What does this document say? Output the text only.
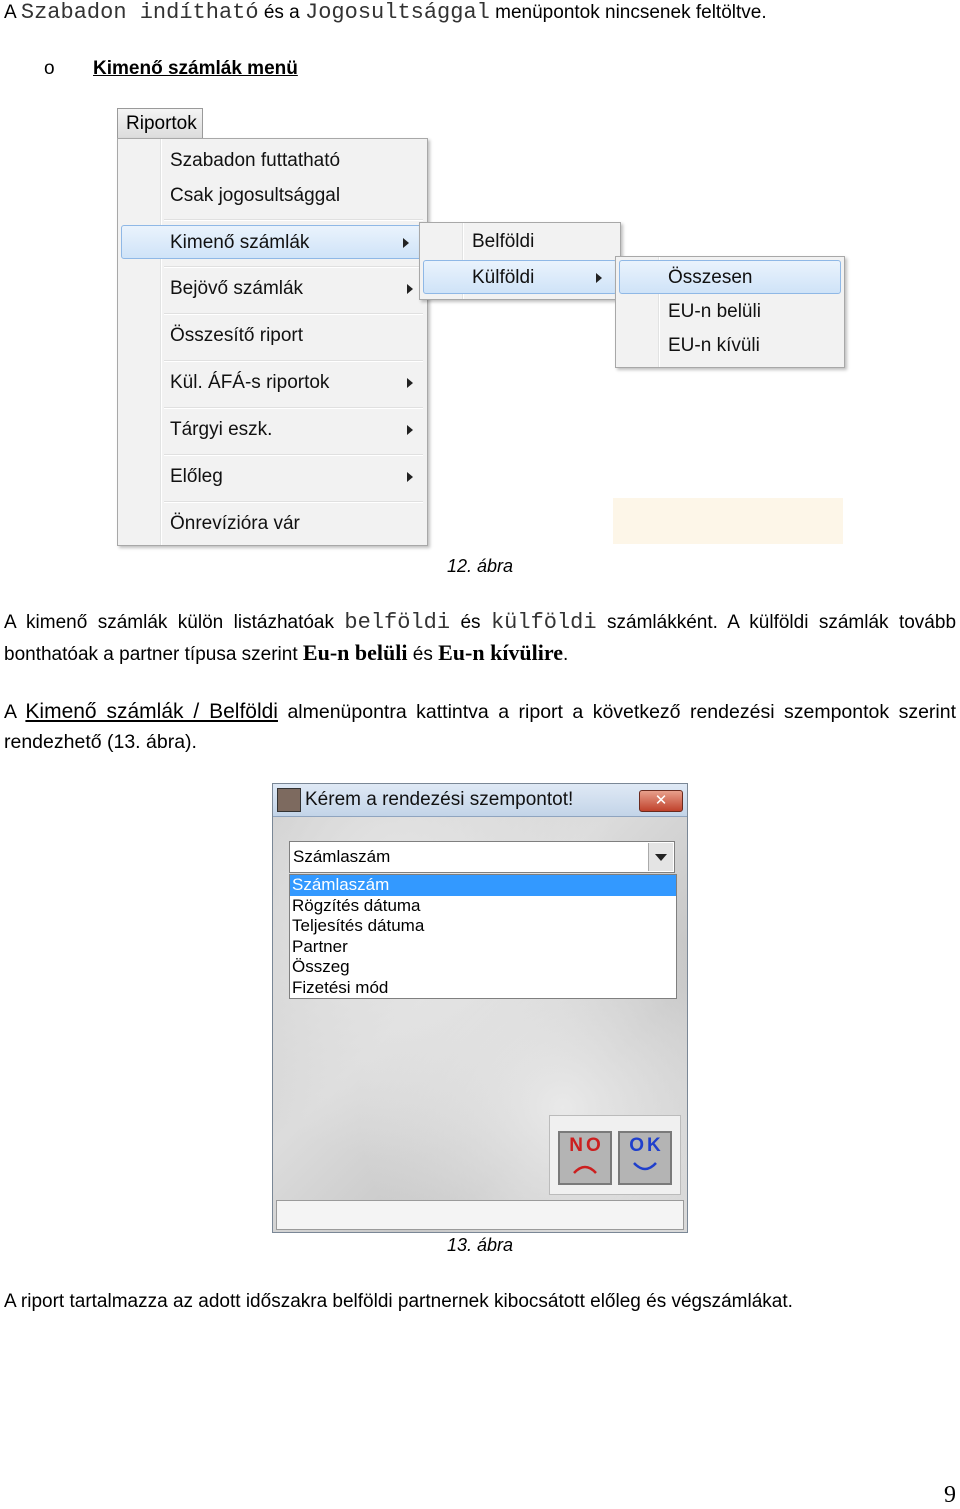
A Szabadon indítható és a Jogosultsággal menüpontok nincsenek feltöltve.
o Kimenő számlák menü
Riportok
Szabadon futtatható
Csak jogosultsággal
Kimenő számlák
Bejövő számlák
Összesítő riport
Kül. ÁFÁ-s riportok
Tárgyi eszk.
Előleg
Önrevízióra vár
Belföldi
Külföldi	Összesen
EU-n belüli
EU-n kívüli
12. ábra
A kimenő számlák külön listázhatóak belföldi és külföldi számlákként. A külföldi számlák tovább bonthatóak a partner típusa szerint Eu-n belüli és Eu-n kívülire.
A Kimenő számlák / Belföldi almenüpontra kattintva a riport a következő rendezési szempontok szerint rendezhető (13. ábra).
Kérem a rendezési szempontot!	✕
Számlaszám
Számlaszám
Rögzítés dátuma
Teljesítés dátuma
Partner
Összeg
Fizetési mód
NO	OK
13. ábra
A riport tartalmazza az adott időszakra belföldi partnernek kibocsátott előleg és végszámlákat.
9
